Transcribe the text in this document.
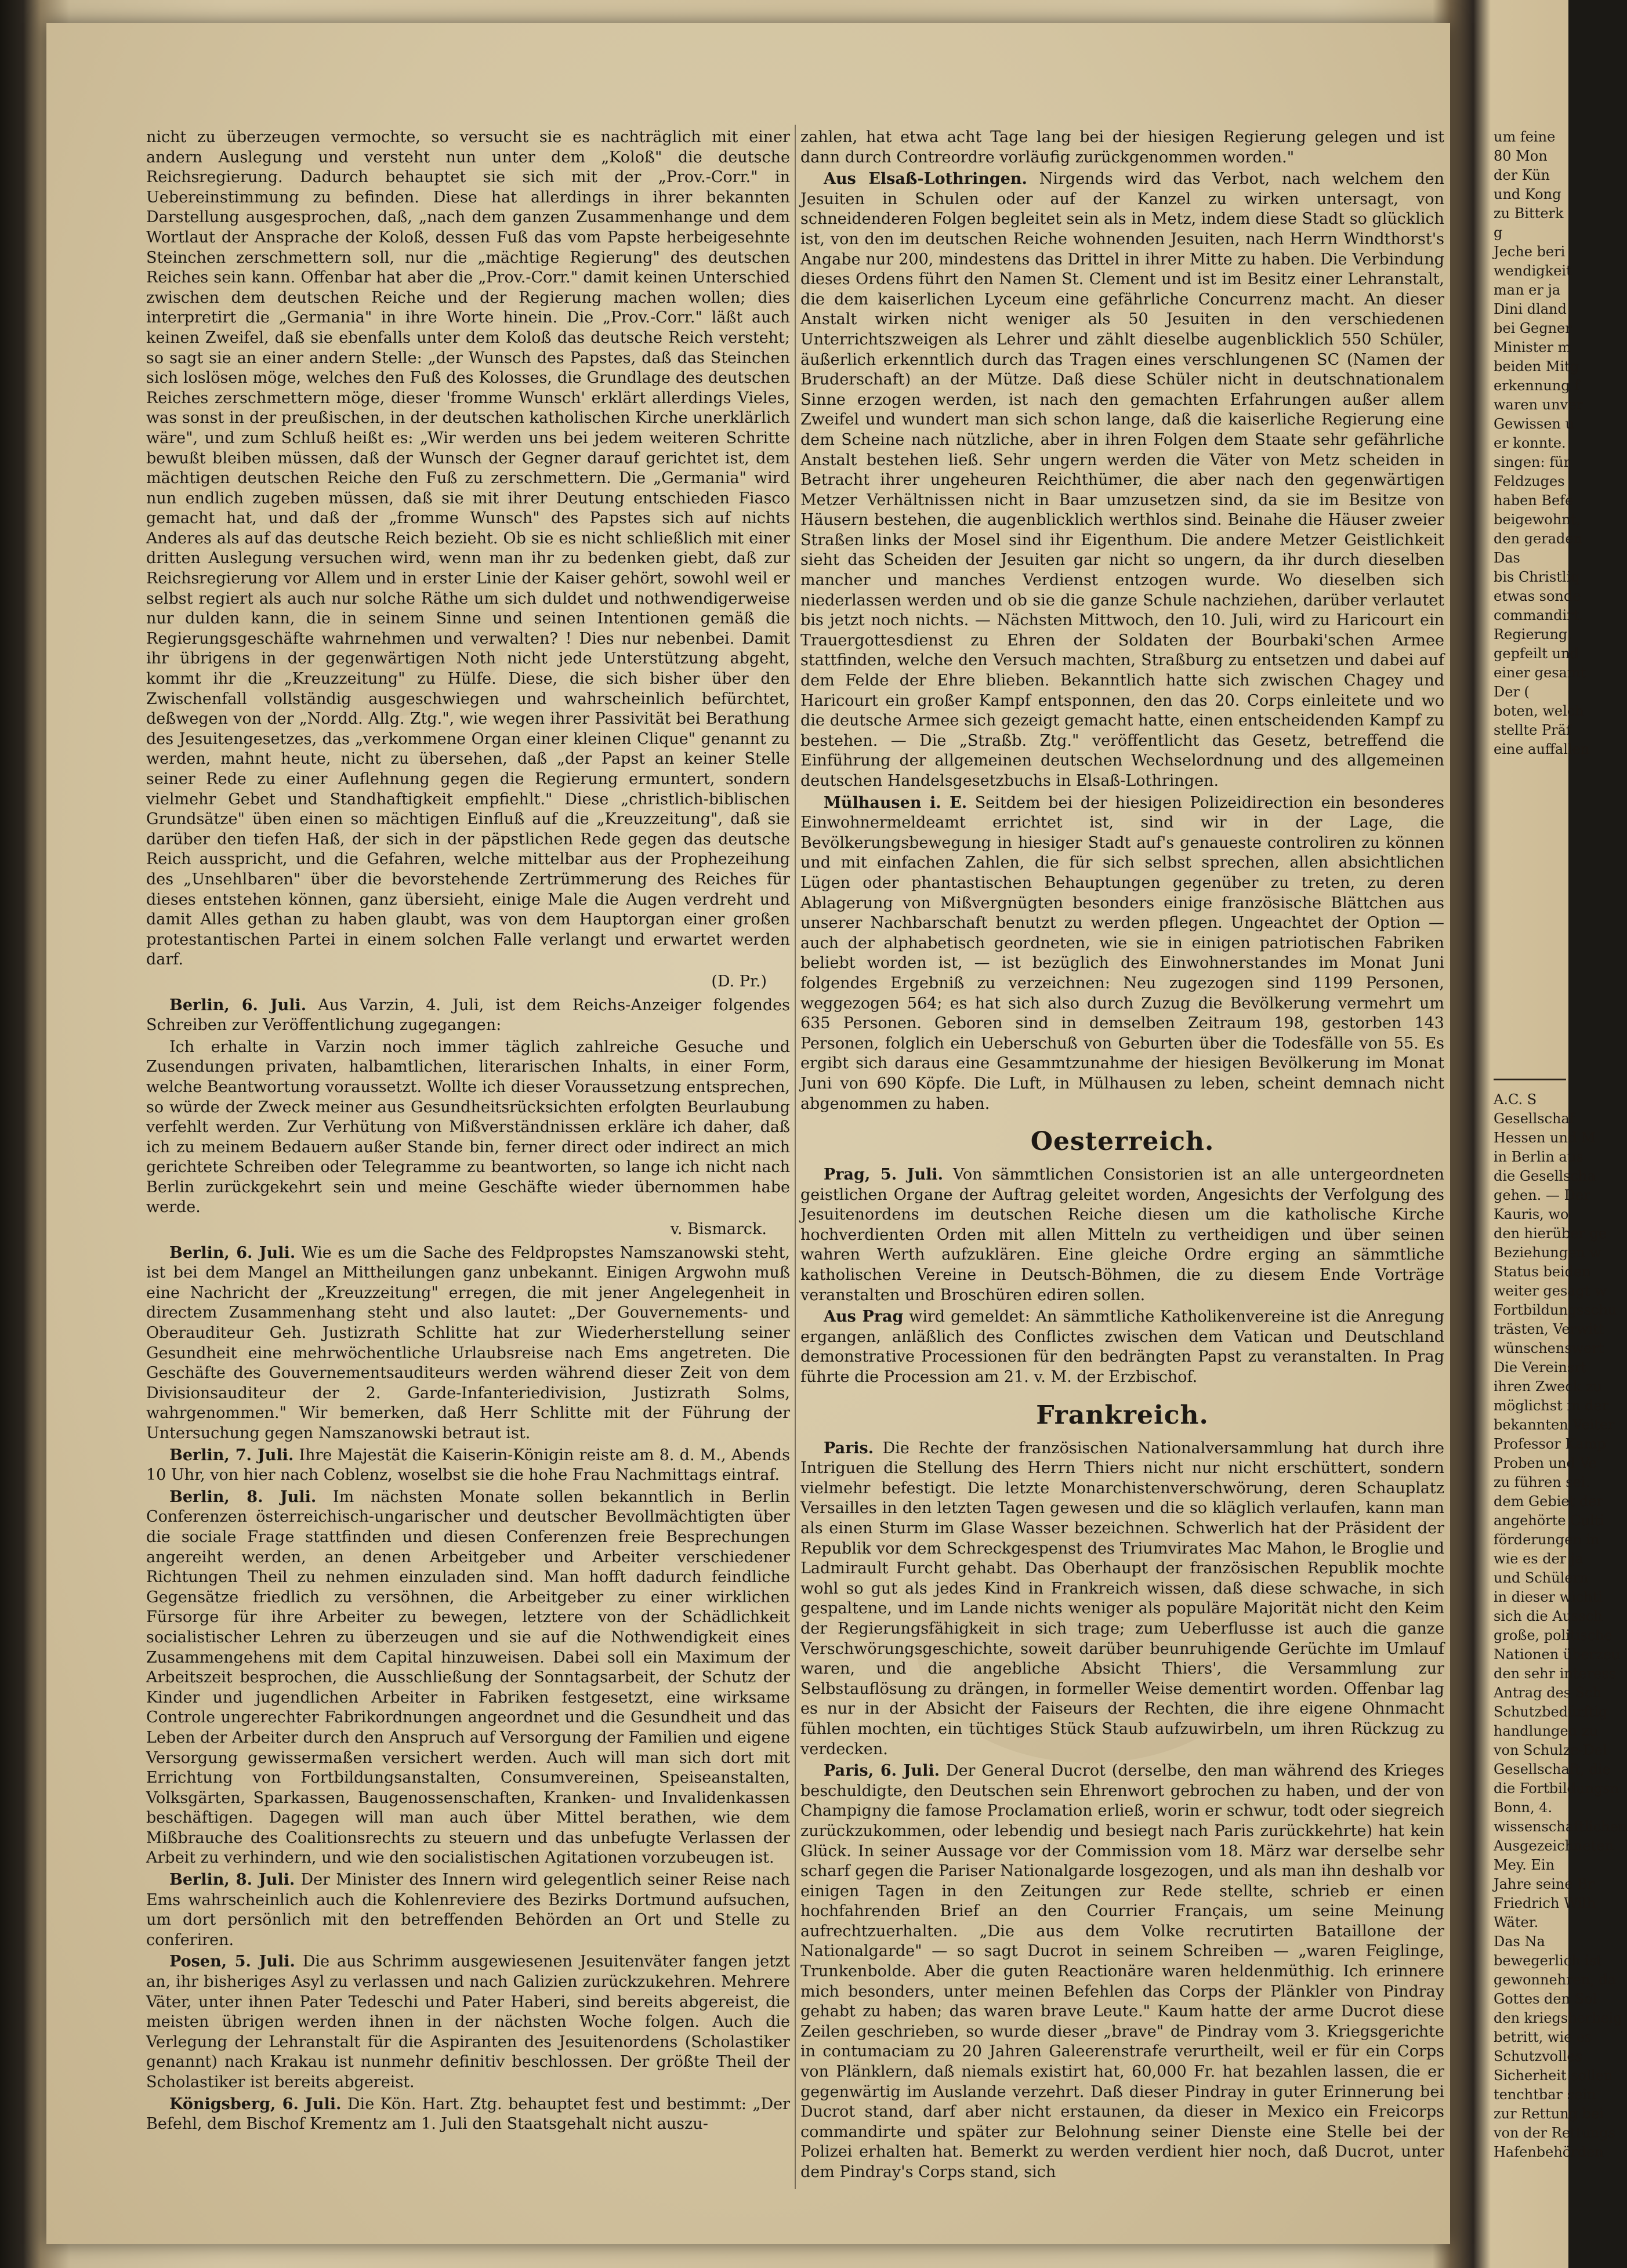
nicht zu überzeugen vermochte, so versucht sie es nachträglich mit einer andern Auslegung und versteht nun unter dem „Koloß" die deutsche Reichsregierung. Dadurch behauptet sie sich mit der „Prov.-Corr." in Uebereinstimmung zu befinden. Diese hat allerdings in ihrer bekannten Darstellung ausgesprochen, daß, „nach dem ganzen Zusammenhange und dem Wortlaut der Ansprache der Koloß, dessen Fuß das vom Papste herbeigesehnte Steinchen zerschmettern soll, nur die „mächtige Regierung" des deutschen Reiches sein kann. Offenbar hat aber die „Prov.-Corr." damit keinen Unterschied zwischen dem deutschen Reiche und der Regierung machen wollen; dies interpretirt die „Germania" in ihre Worte hinein. Die „Prov.-Corr." läßt auch keinen Zweifel, daß sie ebenfalls unter dem Koloß das deutsche Reich versteht; so sagt sie an einer andern Stelle: „der Wunsch des Papstes, daß das Steinchen sich loslösen möge, welches den Fuß des Kolosses, die Grundlage des deutschen Reiches zerschmettern möge, dieser 'fromme Wunsch' erklärt allerdings Vieles, was sonst in der preußischen, in der deutschen katholischen Kirche unerklärlich wäre", und zum Schluß heißt es: „Wir werden uns bei jedem weiteren Schritte bewußt bleiben müssen, daß der Wunsch der Gegner darauf gerichtet ist, dem mächtigen deutschen Reiche den Fuß zu zerschmettern. Die „Germania" wird nun endlich zugeben müssen, daß sie mit ihrer Deutung entschieden Fiasco gemacht hat, und daß der „fromme Wunsch" des Papstes sich auf nichts Anderes als auf das deutsche Reich bezieht. Ob sie es nicht schließlich mit einer dritten Auslegung versuchen wird, wenn man ihr zu bedenken giebt, daß zur Reichsregierung vor Allem und in erster Linie der Kaiser gehört, sowohl weil er selbst regiert als auch nur solche Räthe um sich duldet und nothwendigerweise nur dulden kann, die in seinem Sinne und seinen Intentionen gemäß die Regierungsgeschäfte wahrnehmen und verwalten? ! Dies nur nebenbei. Damit ihr übrigens in der gegenwärtigen Noth nicht jede Unterstützung abgeht, kommt ihr die „Kreuzzeitung" zu Hülfe. Diese, die sich bisher über den Zwischenfall vollständig ausgeschwiegen und wahrscheinlich befürchtet, deßwegen von der „Nordd. Allg. Ztg.", wie wegen ihrer Passivität bei Berathung des Jesuitengesetzes, das „verkommene Organ einer kleinen Clique" genannt zu werden, mahnt heute, nicht zu übersehen, daß „der Papst an keiner Stelle seiner Rede zu einer Auflehnung gegen die Regierung ermuntert, sondern vielmehr Gebet und Standhaftigkeit empfiehlt." Diese „christlich-biblischen Grundsätze" üben einen so mächtigen Einfluß auf die „Kreuzzeitung", daß sie darüber den tiefen Haß, der sich in der päpstlichen Rede gegen das deutsche Reich ausspricht, und die Gefahren, welche mittelbar aus der Prophezeihung des „Unsehlbaren" über die bevorstehende Zertrümmerung des Reiches für dieses entstehen können, ganz übersieht, einige Male die Augen verdreht und damit Alles gethan zu haben glaubt, was von dem Hauptorgan einer großen protestantischen Partei in einem solchen Falle verlangt und erwartet werden darf.

(D. Pr.)

Berlin, 6. Juli. Aus Varzin, 4. Juli, ist dem Reichs-Anzeiger folgendes Schreiben zur Veröffentlichung zugegangen:

Ich erhalte in Varzin noch immer täglich zahlreiche Gesuche und Zusendungen privaten, halbamtlichen, literarischen Inhalts, in einer Form, welche Beantwortung voraussetzt. Wollte ich dieser Voraussetzung entsprechen, so würde der Zweck meiner aus Gesundheitsrücksichten erfolgten Beurlaubung verfehlt werden. Zur Verhütung von Mißverständnissen erkläre ich daher, daß ich zu meinem Bedauern außer Stande bin, ferner direct oder indirect an mich gerichtete Schreiben oder Telegramme zu beantworten, so lange ich nicht nach Berlin zurückgekehrt sein und meine Geschäfte wieder übernommen habe werde.

v. Bismarck.

Berlin, 6. Juli. Wie es um die Sache des Feldpropstes Namszanowski steht, ist bei dem Mangel an Mittheilungen ganz unbekannt. Einigen Argwohn muß eine Nachricht der „Kreuzzeitung" erregen, die mit jener Angelegenheit in directem Zusammenhang steht und also lautet: „Der Gouvernements- und Oberauditeur Geh. Justizrath Schlitte hat zur Wiederherstellung seiner Gesundheit eine mehrwöchentliche Urlaubsreise nach Ems angetreten. Die Geschäfte des Gouvernementsauditeurs werden während dieser Zeit von dem Divisionsauditeur der 2. Garde-Infanteriedivision, Justizrath Solms, wahrgenommen." Wir bemerken, daß Herr Schlitte mit der Führung der Untersuchung gegen Namszanowski betraut ist.

Berlin, 7. Juli. Ihre Majestät die Kaiserin-Königin reiste am 8. d. M., Abends 10 Uhr, von hier nach Coblenz, woselbst sie die hohe Frau Nachmittags eintraf.

Berlin, 8. Juli. Im nächsten Monate sollen bekanntlich in Berlin Conferenzen österreichisch-ungarischer und deutscher Bevollmächtigten über die sociale Frage stattfinden und diesen Conferenzen freie Besprechungen angereiht werden, an denen Arbeitgeber und Arbeiter verschiedener Richtungen Theil zu nehmen einzuladen sind. Man hofft dadurch feindliche Gegensätze friedlich zu versöhnen, die Arbeitgeber zu einer wirklichen Fürsorge für ihre Arbeiter zu bewegen, letztere von der Schädlichkeit socialistischer Lehren zu überzeugen und sie auf die Nothwendigkeit eines Zusammengehens mit dem Capital hinzuweisen. Dabei soll ein Maximum der Arbeitszeit besprochen, die Ausschließung der Sonntagsarbeit, der Schutz der Kinder und jugendlichen Arbeiter in Fabriken festgesetzt, eine wirksame Controle ungerechter Fabrikordnungen angeordnet und die Gesundheit und das Leben der Arbeiter durch den Anspruch auf Versorgung der Familien und eigene Versorgung gewissermaßen versichert werden. Auch will man sich dort mit Errichtung von Fortbildungsanstalten, Consumvereinen, Speiseanstalten, Volksgärten, Sparkassen, Baugenossenschaften, Kranken- und Invalidenkassen beschäftigen. Dagegen will man auch über Mittel berathen, wie dem Mißbrauche des Coalitionsrechts zu steuern und das unbefugte Verlassen der Arbeit zu verhindern, und wie den socialistischen Agitationen vorzubeugen ist.

Berlin, 8. Juli. Der Minister des Innern wird gelegentlich seiner Reise nach Ems wahrscheinlich auch die Kohlenreviere des Bezirks Dortmund aufsuchen, um dort persönlich mit den betreffenden Behörden an Ort und Stelle zu conferiren.

Posen, 5. Juli. Die aus Schrimm ausgewiesenen Jesuitenväter fangen jetzt an, ihr bisheriges Asyl zu verlassen und nach Galizien zurückzukehren. Mehrere Väter, unter ihnen Pater Tedeschi und Pater Haberi, sind bereits abgereist, die meisten übrigen werden ihnen in der nächsten Woche folgen. Auch die Verlegung der Lehranstalt für die Aspiranten des Jesuitenordens (Scholastiker genannt) nach Krakau ist nunmehr definitiv beschlossen. Der größte Theil der Scholastiker ist bereits abgereist.

Königsberg, 6. Juli. Die Kön. Hart. Ztg. behauptet fest und bestimmt: „Der Befehl, dem Bischof Krementz am 1. Juli den Staatsgehalt nicht auszu-

zahlen, hat etwa acht Tage lang bei der hiesigen Regierung gelegen und ist dann durch Contreordre vorläufig zurückgenommen worden."

Aus Elsaß-Lothringen. Nirgends wird das Verbot, nach welchem den Jesuiten in Schulen oder auf der Kanzel zu wirken untersagt, von schneidenderen Folgen begleitet sein als in Metz, indem diese Stadt so glücklich ist, von den im deutschen Reiche wohnenden Jesuiten, nach Herrn Windthorst's Angabe nur 200, mindestens das Drittel in ihrer Mitte zu haben. Die Verbindung dieses Ordens führt den Namen St. Clement und ist im Besitz einer Lehranstalt, die dem kaiserlichen Lyceum eine gefährliche Concurrenz macht. An dieser Anstalt wirken nicht weniger als 50 Jesuiten in den verschiedenen Unterrichtszweigen als Lehrer und zählt dieselbe augenblicklich 550 Schüler, äußerlich erkenntlich durch das Tragen eines verschlungenen SC (Namen der Bruderschaft) an der Mütze. Daß diese Schüler nicht in deutschnationalem Sinne erzogen werden, ist nach den gemachten Erfahrungen außer allem Zweifel und wundert man sich schon lange, daß die kaiserliche Regierung eine dem Scheine nach nützliche, aber in ihren Folgen dem Staate sehr gefährliche Anstalt bestehen ließ. Sehr ungern werden die Väter von Metz scheiden in Betracht ihrer ungeheuren Reichthümer, die aber nach den gegenwärtigen Metzer Verhältnissen nicht in Baar umzusetzen sind, da sie im Besitze von Häusern bestehen, die augenblicklich werthlos sind. Beinahe die Häuser zweier Straßen links der Mosel sind ihr Eigenthum. Die andere Metzer Geistlichkeit sieht das Scheiden der Jesuiten gar nicht so ungern, da ihr durch dieselben mancher und manches Verdienst entzogen wurde. Wo dieselben sich niederlassen werden und ob sie die ganze Schule nachziehen, darüber verlautet bis jetzt noch nichts. — Nächsten Mittwoch, den 10. Juli, wird zu Haricourt ein Trauergottesdienst zu Ehren der Soldaten der Bourbaki'schen Armee stattfinden, welche den Versuch machten, Straßburg zu entsetzen und dabei auf dem Felde der Ehre blieben. Bekanntlich hatte sich zwischen Chagey und Haricourt ein großer Kampf entsponnen, den das 20. Corps einleitete und wo die deutsche Armee sich gezeigt gemacht hatte, einen entscheidenden Kampf zu bestehen. — Die „Straßb. Ztg." veröffentlicht das Gesetz, betreffend die Einführung der allgemeinen deutschen Wechselordnung und des allgemeinen deutschen Handelsgesetzbuchs in Elsaß-Lothringen.

Mülhausen i. E. Seitdem bei der hiesigen Polizeidirection ein besonderes Einwohnermeldeamt errichtet ist, sind wir in der Lage, die Bevölkerungsbewegung in hiesiger Stadt auf's genaueste controliren zu können und mit einfachen Zahlen, die für sich selbst sprechen, allen absichtlichen Lügen oder phantastischen Behauptungen gegenüber zu treten, zu deren Ablagerung von Mißvergnügten besonders einige französische Blättchen aus unserer Nachbarschaft benutzt zu werden pflegen. Ungeachtet der Option — auch der alphabetisch geordneten, wie sie in einigen patriotischen Fabriken beliebt worden ist, — ist bezüglich des Einwohnerstandes im Monat Juni folgendes Ergebniß zu verzeichnen: Neu zugezogen sind 1199 Personen, weggezogen 564; es hat sich also durch Zuzug die Bevölkerung vermehrt um 635 Personen. Geboren sind in demselben Zeitraum 198, gestorben 143 Personen, folglich ein Ueberschuß von Geburten über die Todesfälle von 55. Es ergibt sich daraus eine Gesammtzunahme der hiesigen Bevölkerung im Monat Juni von 690 Köpfe. Die Luft, in Mülhausen zu leben, scheint demnach nicht abgenommen zu haben.

Oesterreich.

Prag, 5. Juli. Von sämmtlichen Consistorien ist an alle untergeordneten geistlichen Organe der Auftrag geleitet worden, Angesichts der Verfolgung des Jesuitenordens im deutschen Reiche diesen um die katholische Kirche hochverdienten Orden mit allen Mitteln zu vertheidigen und über seinen wahren Werth aufzuklären. Eine gleiche Ordre erging an sämmtliche katholischen Vereine in Deutsch-Böhmen, die zu diesem Ende Vorträge veranstalten und Broschüren ediren sollen.

Aus Prag wird gemeldet: An sämmtliche Katholikenvereine ist die Anregung ergangen, anläßlich des Conflictes zwischen dem Vatican und Deutschland demonstrative Processionen für den bedrängten Papst zu veranstalten. In Prag führte die Procession am 21. v. M. der Erzbischof.

Frankreich.

Paris. Die Rechte der französischen Nationalversammlung hat durch ihre Intriguen die Stellung des Herrn Thiers nicht nur nicht erschüttert, sondern vielmehr befestigt. Die letzte Monarchistenverschwörung, deren Schauplatz Versailles in den letzten Tagen gewesen und die so kläglich verlaufen, kann man als einen Sturm im Glase Wasser bezeichnen. Schwerlich hat der Präsident der Republik vor dem Schreckgespenst des Triumvirates Mac Mahon, le Broglie und Ladmirault Furcht gehabt. Das Oberhaupt der französischen Republik mochte wohl so gut als jedes Kind in Frankreich wissen, daß diese schwache, in sich gespaltene, und im Lande nichts weniger als populäre Majorität nicht den Keim der Regierungsfähigkeit in sich trage; zum Ueberflusse ist auch die ganze Verschwörungsgeschichte, soweit darüber beunruhigende Gerüchte im Umlauf waren, und die angebliche Absicht Thiers', die Versammlung zur Selbstauflösung zu drängen, in formeller Weise dementirt worden. Offenbar lag es nur in der Absicht der Faiseurs der Rechten, die ihre eigene Ohnmacht fühlen mochten, ein tüchtiges Stück Staub aufzuwirbeln, um ihren Rückzug zu verdecken.

Paris, 6. Juli. Der General Ducrot (derselbe, den man während des Krieges beschuldigte, den Deutschen sein Ehrenwort gebrochen zu haben, und der von Champigny die famose Proclamation erließ, worin er schwur, todt oder siegreich zurückzukommen, oder lebendig und besiegt nach Paris zurückkehrte) hat kein Glück. In seiner Aussage vor der Commission vom 18. März war derselbe sehr scharf gegen die Pariser Nationalgarde losgezogen, und als man ihn deshalb vor einigen Tagen in den Zeitungen zur Rede stellte, schrieb er einen hochfahrenden Brief an den Courrier Français, um seine Meinung aufrechtzuerhalten. „Die aus dem Volke recrutirten Bataillone der Nationalgarde" — so sagt Ducrot in seinem Schreiben — „waren Feiglinge, Trunkenbolde. Aber die guten Reactionäre waren heldenmüthig. Ich erinnere mich besonders, unter meinen Befehlen das Corps der Plänkler von Pindray gehabt zu haben; das waren brave Leute." Kaum hatte der arme Ducrot diese Zeilen geschrieben, so wurde dieser „brave" de Pindray vom 3. Kriegsgerichte in contumaciam zu 20 Jahren Galeerenstrafe verurtheilt, weil er für ein Corps von Plänklern, daß niemals existirt hat, 60,000 Fr. hat bezahlen lassen, die er gegenwärtig im Auslande verzehrt. Daß dieser Pindray in guter Erinnerung bei Ducrot stand, darf aber nicht erstaunen, da dieser in Mexico ein Freicorps commandirte und später zur Belohnung seiner Dienste eine Stelle bei der Polizei erhalten hat. Bemerkt zu werden verdient hier noch, daß Ducrot, unter dem Pindray's Corps stand, sich

um feine
80 Mon
der Kün
und Kong
zu Bitterk
g
Jeche beri
wendigkeit
man er ja
Dini dland
bei Gegner
Minister m
beiden Mitg
erkennung f
waren unver
Gewissen u
er konnte.
singen: für
Feldzuges
haben Befe
beigewohnt,
den geraden
Das
bis Christliq
etwas sonde
commandirt.
Regierung.
gepfeilt und
einer gesamt
Der (
boten, welch
stellte Präf
eine auffallen
A.C. S
Gesellschaf
Hessen und M
in Berlin aus
die Gesellscha
gehen. — Der
Kauris, wo
den hierüber ge
Beziehungen w
Status beiden
weiter gesagt w
Fortbildungsschu
trästen, Verwitt
wünschenswert
Die Vereinsrt
ihren Zweck zu
möglichst in der
bekannten Veiter
Professor Kamp
Proben und Ve
zu führen sei.
dem Gebiet der
angehörte Culti
förderungen in
wie es der ja
und Schülern
in dieser wichti
sich die Aussch
große, politische
Nationen überzeu
den sehr interess
Antrag des Sch
Schutzbedürftig
handlungen zu
von Schulze-Del
Gesellschaft, die
die Fortbildungsn
Bonn, 4.
wissenschaftlichen
Ausgezeichneten
Mey. Ein
Jahre seine Br
Friedrich Wilh
Wäter.
Das Na
bewegerlich ist
gewonnehren, da
Gottes den Sol
den kriegsherbeig
betritt, wie es
Schutzvolles
Sicherheit sollen
tenchtbar sein
zur Rettung bei
von der Rettungs
Hafenbehörden
